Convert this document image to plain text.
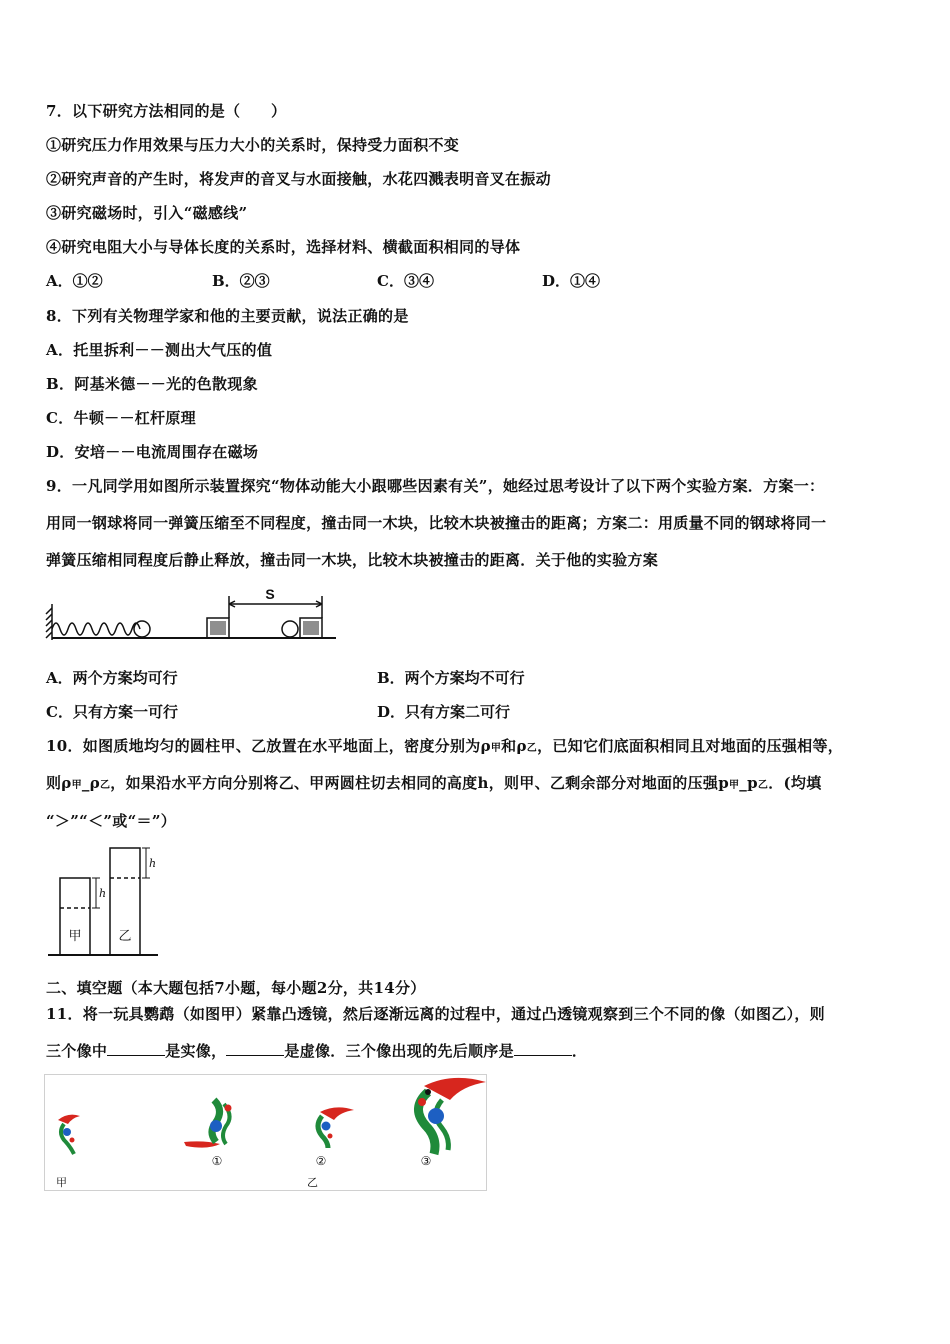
7．以下研究方法相同的是（　　）
①研究压力作用效果与压力大小的关系时，保持受力面积不变
②研究声音的产生时，将发声的音叉与水面接触，水花四溅表明音叉在振动
③研究磁场时，引入“磁感线”
④研究电阻大小与导体长度的关系时，选择材料、横截面积相同的导体
A．①②	B．②③	C．③④	D．①④
8．下列有关物理学家和他的主要贡献，说法正确的是
A．托里拆利－－测出大气压的值
B．阿基米德－－光的色散现象
C．牛顿－－杠杆原理
D．安培－－电流周围存在磁场
9．一凡同学用如图所示装置探究“物体动能大小跟哪些因素有关”，她经过思考设计了以下两个实验方案．方案一：
用同一钢球将同一弹簧压缩至不同程度，撞击同一木块，比较木块被撞击的距离；方案二：用质量不同的钢球将同一
弹簧压缩相同程度后静止释放，撞击同一木块，比较木块被撞击的距离．关于他的实验方案
S
A．两个方案均可行	B．两个方案均不可行
C．只有方案一可行	D．只有方案二可行
10．如图质地均匀的圆柱甲、乙放置在水平地面上，密度分别为ρ甲和ρ乙，已知它们底面积相同且对地面的压强相等，
则ρ甲_ρ乙，如果沿水平方向分别将乙、甲两圆柱切去相同的高度h，则甲、乙剩余部分对地面的压强p甲_p乙．(均填
“＞”“＜”或“＝”）
甲	乙
h
h
二、填空题（本大题包括7小题，每小题2分，共14分）
11．将一玩具鹦鹉（如图甲）紧靠凸透镜，然后逐渐远离的过程中，通过凸透镜观察到三个不同的像（如图乙），则
三个像中	是实像，	是虚像．三个像出现的先后顺序是	．
①	②	③
甲	乙
